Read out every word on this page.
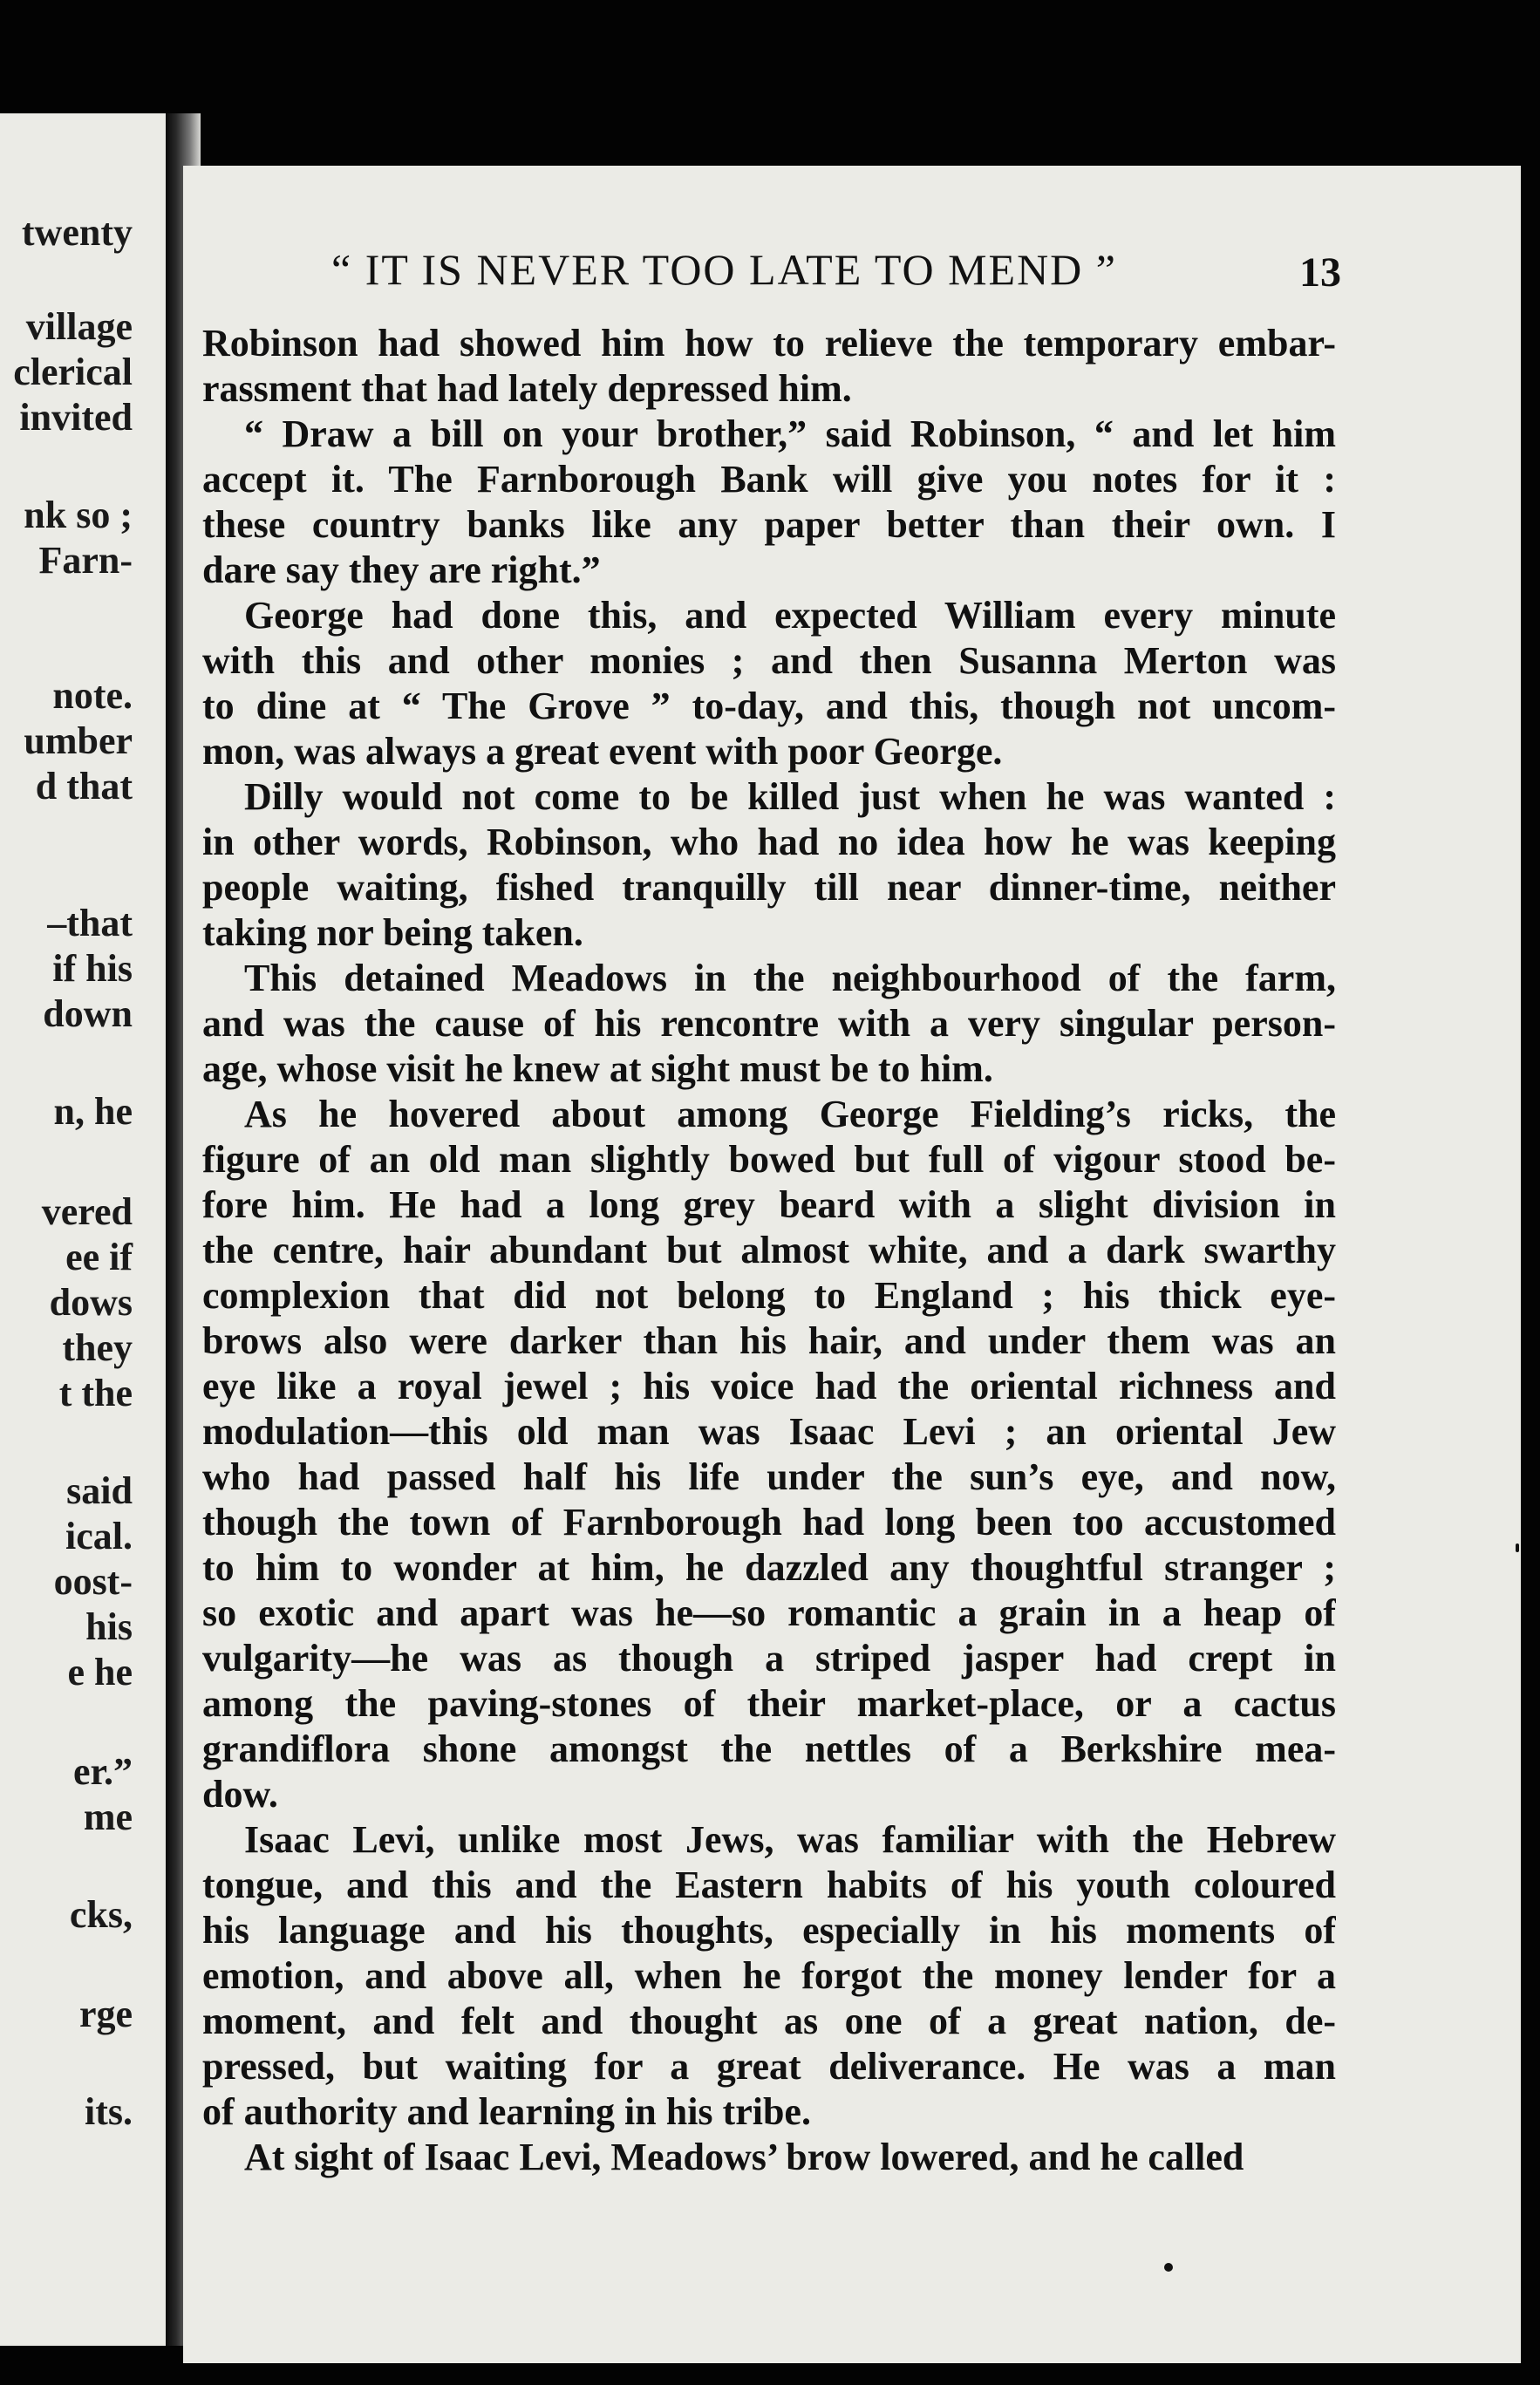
twenty
village
clerical
invited
nk so ;
Farn-
note.
umber
d that
–that
if his
down
n, he
vered
ee if
dows
they
t the
said
ical.
oost-
his
e he
er.”
me
cks,
rge
its.
“ IT IS NEVER TOO LATE TO MEND ”	13
Robinson had showed him how to relieve the temporary embar-
rassment that had lately depressed him.
“ Draw a bill on your brother,” said Robinson, “ and let him
accept it. The Farnborough Bank will give you notes for it :
these country banks like any paper better than their own. I
dare say they are right.”
George had done this, and expected William every minute
with this and other monies ; and then Susanna Merton was
to dine at “ The Grove ” to-day, and this, though not uncom-
mon, was always a great event with poor George.
Dilly would not come to be killed just when he was wanted :
in other words, Robinson, who had no idea how he was keeping
people waiting, fished tranquilly till near dinner-time, neither
taking nor being taken.
This detained Meadows in the neighbourhood of the farm,
and was the cause of his rencontre with a very singular person-
age, whose visit he knew at sight must be to him.
As he hovered about among George Fielding’s ricks, the
figure of an old man slightly bowed but full of vigour stood be-
fore him. He had a long grey beard with a slight division in
the centre, hair abundant but almost white, and a dark swarthy
complexion that did not belong to England ; his thick eye-
brows also were darker than his hair, and under them was an
eye like a royal jewel ; his voice had the oriental richness and
modulation—this old man was Isaac Levi ; an oriental Jew
who had passed half his life under the sun’s eye, and now,
though the town of Farnborough had long been too accustomed
to him to wonder at him, he dazzled any thoughtful stranger ;
so exotic and apart was he—so romantic a grain in a heap of
vulgarity—he was as though a striped jasper had crept in
among the paving-stones of their market-place, or a cactus
grandiflora shone amongst the nettles of a Berkshire mea-
dow.
Isaac Levi, unlike most Jews, was familiar with the Hebrew
tongue, and this and the Eastern habits of his youth coloured
his language and his thoughts, especially in his moments of
emotion, and above all, when he forgot the money lender for a
moment, and felt and thought as one of a great nation, de-
pressed, but waiting for a great deliverance. He was a man
of authority and learning in his tribe.
At sight of Isaac Levi, Meadows’ brow lowered, and he called
